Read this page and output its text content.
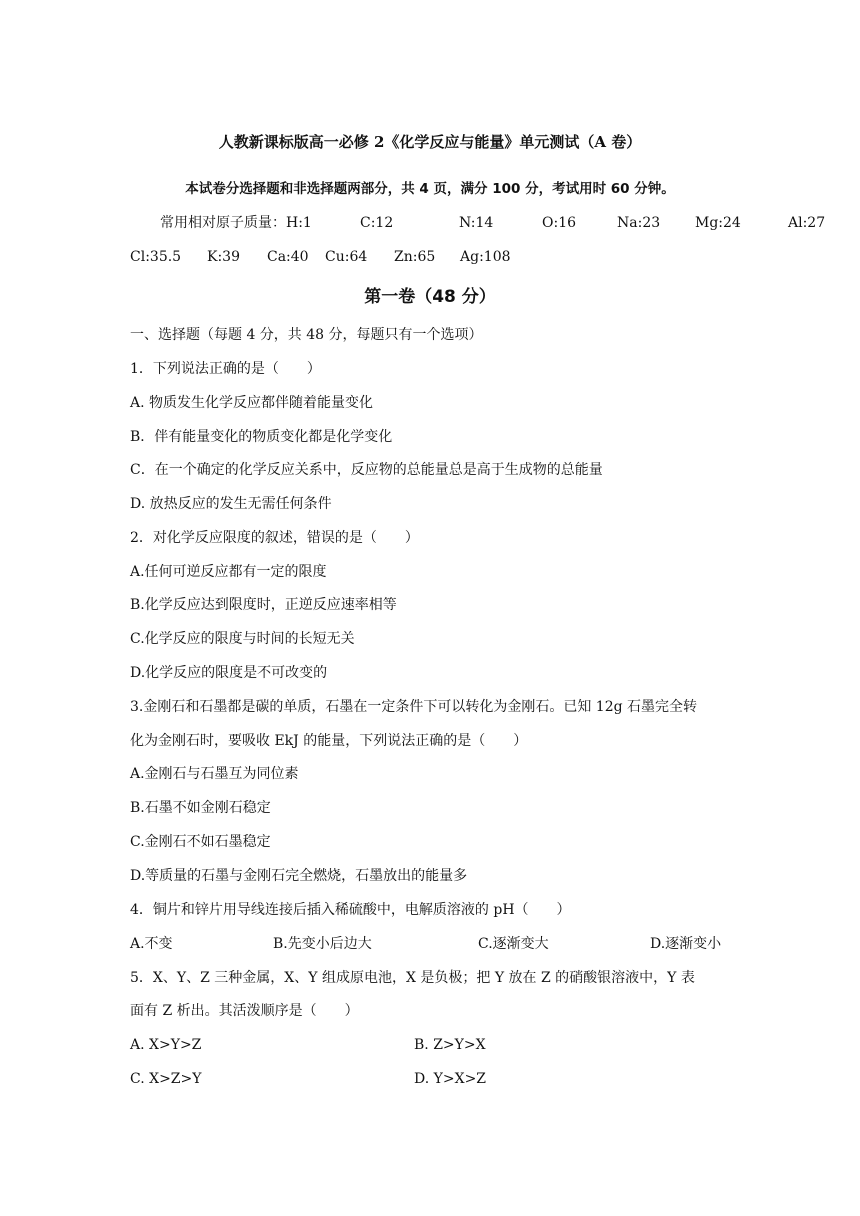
人教新课标版高一必修 2《化学反应与能量》单元测试（A 卷）
本试卷分选择题和非选择题两部分，共 4 页，满分 100 分，考试用时 60 分钟。
常用相对原子质量：H:1	C:12	N:14	O:16	Na:23 Mg:24	Al:27
Cl:35.5 K:39 Ca:40 Cu:64 Zn:65 Ag:108
第一卷（48 分）
一、选择题（每题 4 分，共 48 分，每题只有一个选项）
1．下列说法正确的是（　　）
A. 物质发生化学反应都伴随着能量变化
B．伴有能量变化的物质变化都是化学变化
C．在一个确定的化学反应关系中，反应物的总能量总是高于生成物的总能量
D. 放热反应的发生无需任何条件
2．对化学反应限度的叙述，错误的是（　　）
A.任何可逆反应都有一定的限度
B.化学反应达到限度时，正逆反应速率相等
C.化学反应的限度与时间的长短无关
D.化学反应的限度是不可改变的
3.金刚石和石墨都是碳的单质，石墨在一定条件下可以转化为金刚石。已知 12g 石墨完全转
化为金刚石时，要吸收 EkJ 的能量，下列说法正确的是（　　）
A.金刚石与石墨互为同位素
B.石墨不如金刚石稳定
C.金刚石不如石墨稳定
D.等质量的石墨与金刚石完全燃烧，石墨放出的能量多
4．铜片和锌片用导线连接后插入稀硫酸中，电解质溶液的 pH（　　）
A.不变	B.先变小后边大	C.逐渐变大	D.逐渐变小
5．X、Y、Z 三种金属，X、Y 组成原电池，X 是负极；把 Y 放在 Z 的硝酸银溶液中，Y 表
面有 Z 析出。其活泼顺序是（　　）
A. X>Y>Z	B. Z>Y>X
C. X>Z>Y	D. Y>X>Z
